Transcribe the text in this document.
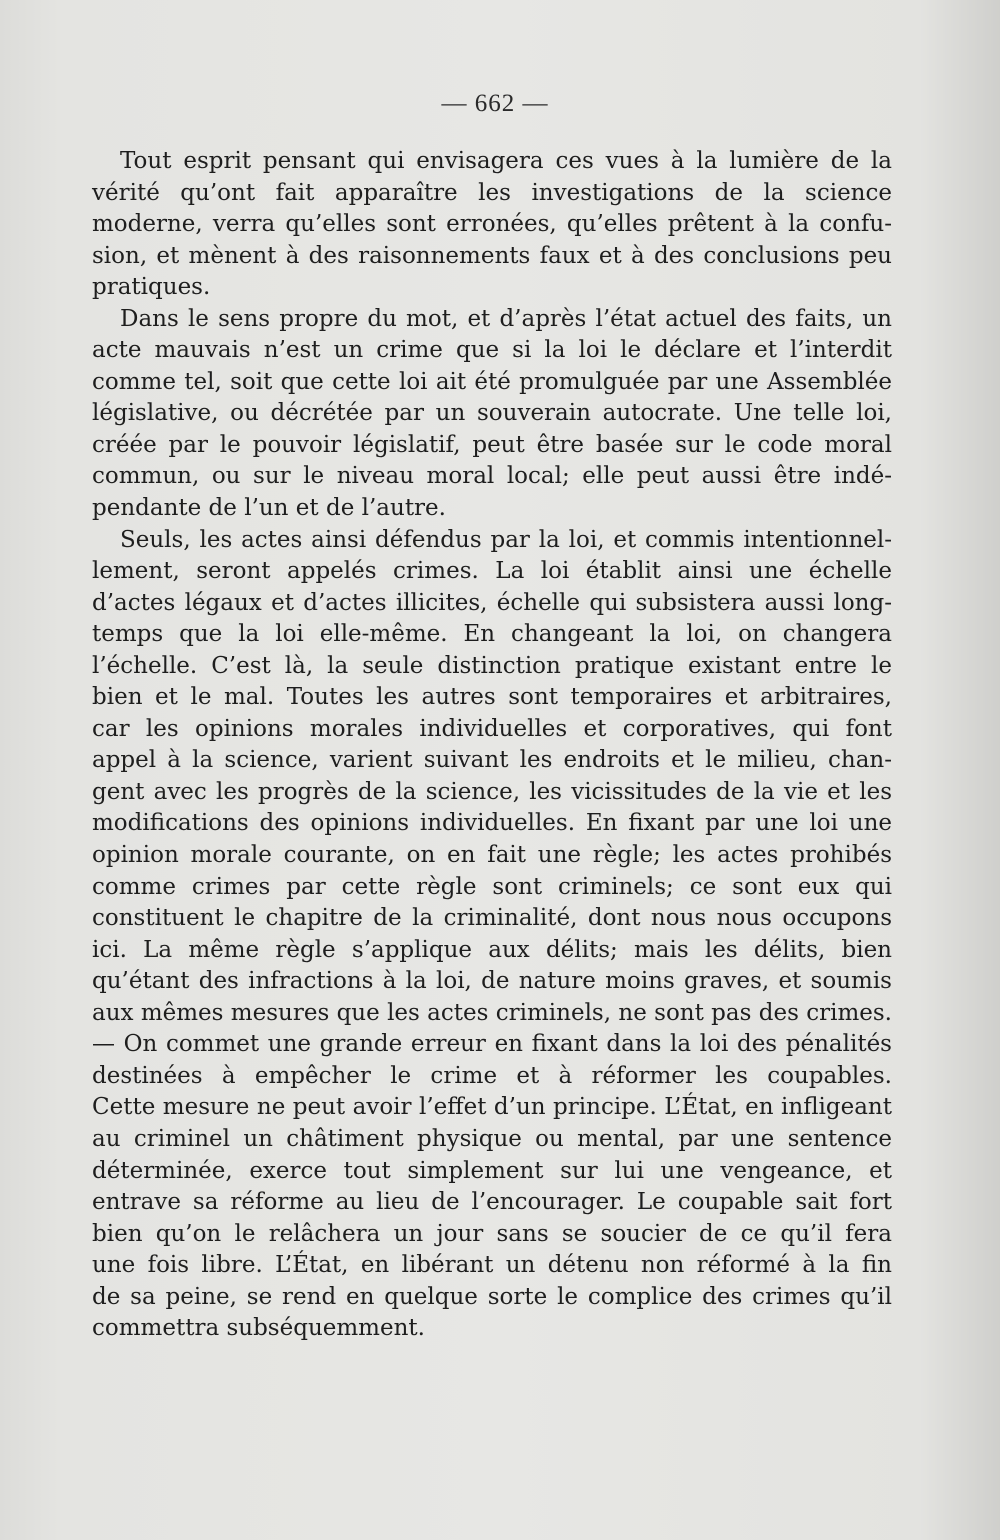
— 662 —
Tout esprit pensant qui envisagera ces vues à la lumière de la
vérité qu’ont fait apparaître les investigations de la science
moderne, verra qu’elles sont erronées, qu’elles prêtent à la confu-
sion, et mènent à des raisonnements faux et à des conclusions peu
pratiques.
Dans le sens propre du mot, et d’après l’état actuel des faits, un
acte mauvais n’est un crime que si la loi le déclare et l’interdit
comme tel, soit que cette loi ait été promulguée par une Assemblée
législative, ou décrétée par un souverain autocrate. Une telle loi,
créée par le pouvoir législatif, peut être basée sur le code moral
commun, ou sur le niveau moral local; elle peut aussi être indé-
pendante de l’un et de l’autre.
Seuls, les actes ainsi défendus par la loi, et commis intentionnel-
lement, seront appelés crimes. La loi établit ainsi une échelle
d’actes légaux et d’actes illicites, échelle qui subsistera aussi long-
temps que la loi elle-même. En changeant la loi, on changera
l’échelle. C’est là, la seule distinction pratique existant entre le
bien et le mal. Toutes les autres sont temporaires et arbitraires,
car les opinions morales individuelles et corporatives, qui font
appel à la science, varient suivant les endroits et le milieu, chan-
gent avec les progrès de la science, les vicissitudes de la vie et les
modifications des opinions individuelles. En fixant par une loi une
opinion morale courante, on en fait une règle; les actes prohibés
comme crimes par cette règle sont criminels; ce sont eux qui
constituent le chapitre de la criminalité, dont nous nous occupons
ici. La même règle s’applique aux délits; mais les délits, bien
qu’étant des infractions à la loi, de nature moins graves, et soumis
aux mêmes mesures que les actes criminels, ne sont pas des crimes.
— On commet une grande erreur en fixant dans la loi des pénalités
destinées à empêcher le crime et à réformer les coupables.
Cette mesure ne peut avoir l’effet d’un principe. L’État, en infligeant
au criminel un châtiment physique ou mental, par une sentence
déterminée, exerce tout simplement sur lui une vengeance, et
entrave sa réforme au lieu de l’encourager. Le coupable sait fort
bien qu’on le relâchera un jour sans se soucier de ce qu’il fera
une fois libre. L’État, en libérant un détenu non réformé à la fin
de sa peine, se rend en quelque sorte le complice des crimes qu’il
commettra subséquemment.
